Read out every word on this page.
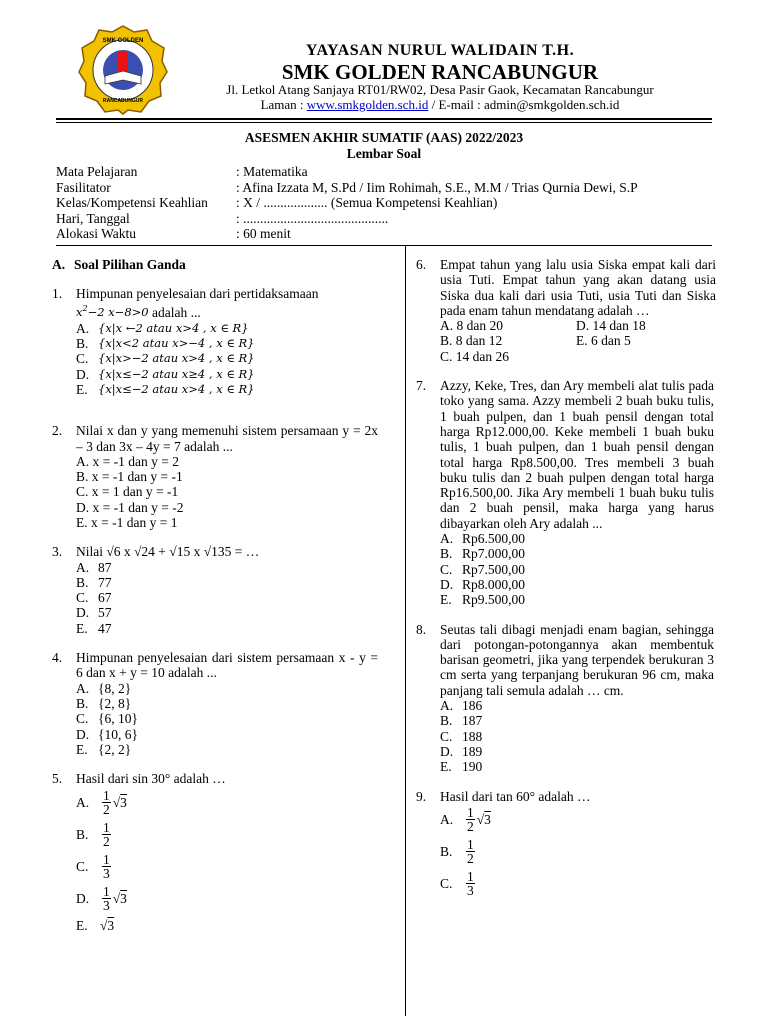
SMK GOLDEN
RANCABUNGUR
YAYASAN NURUL WALIDAIN T.H.
SMK GOLDEN RANCABUNGUR
Jl. Letkol Atang Sanjaya RT01/RW02, Desa Pasir Gaok, Kecamatan Rancabungur
Laman : www.smkgolden.sch.id / E-mail : admin@smkgolden.sch.id
ASESMEN AKHIR SUMATIF (AAS) 2022/2023
Lembar Soal
Mata Pelajaran	: Matematika
Fasilitator	: Afina Izzata M, S.Pd / Iim Rohimah, S.E., M.M / Trias Qurnia Dewi, S.P
Kelas/Kompetensi Keahlian	: X / ................... (Semua Kompetensi Keahlian)
Hari, Tanggal	: ...........................................
Alokasi Waktu	: 60 menit
A. Soal Pilihan Ganda
1.	Himpunan penyelesaian dari pertidaksamaan
$x^2-2$ x−8>0 adalah ...
A. {x|x ←2 atau x>4 , x ∈ R}
B. {x|x<2 atau x>−4 , x ∈ R}
C. {x|x>−2 atau x>4 , x ∈ R}
D. {x|x≤−2 atau x≥4 , x ∈ R}
E. {x|x≤−2 atau x>4 , x ∈ R}
2.	Nilai x dan y yang memenuhi sistem persamaan y = 2x – 3 dan 3x – 4y = 7 adalah ...
A. x = -1 dan y = 2
B. x = -1 dan y = -1
C. x = 1 dan y = -1
D. x = -1 dan y = -2
E. x = -1 dan y = 1
3.	Nilai √6 x √24 + √15 x √135 = …
A. 87
B. 77
C. 67
D. 57
E. 47
4.	Himpunan penyelesaian dari sistem persamaan x - y = 6 dan x + y = 10 adalah ...
A. {8, 2}
B. {2, 8}
C. {6, 10}
D. {10, 6}
E. {2, 2}
5.	Hasil dari sin 30° adalah …
A. $\frac{1}{2} √3$
B.	$\frac{1}{2}$
C.	$\frac{1}{3}$
D. $\frac{1}{3} √3$
E. √3
6.	Empat tahun yang lalu usia Siska empat kali dari usia Tuti. Empat tahun yang akan datang usia Siska dua kali dari usia Tuti, usia Tuti dan Siska pada enam tahun mendatang adalah …
A. 8 dan 20	D. 14 dan 18
B. 8 dan 12	E. 6 dan 5
C. 14 dan 26
7.	Azzy, Keke, Tres, dan Ary membeli alat tulis pada toko yang sama. Azzy membeli 2 buah buku tulis, 1 buah pulpen, dan 1 buah pensil dengan total harga Rp12.000,00. Keke membeli 1 buah buku tulis, 1 buah pulpen, dan 1 buah pensil dengan total harga Rp8.500,00. Tres membeli 3 buah buku tulis dan 2 buah pulpen dengan total harga Rp16.500,00. Jika Ary membeli 1 buah buku tulis dan 2 buah pensil, maka harga yang harus dibayarkan oleh Ary adalah ...
A. Rp6.500,00
B. Rp7.000,00
C. Rp7.500,00
D. Rp8.000,00
E. Rp9.500,00
8.	Seutas tali dibagi menjadi enam bagian, sehingga dari potongan-potongannya akan membentuk barisan geometri, jika yang terpendek berukuran 3 cm serta yang terpanjang berukuran 96 cm, maka panjang tali semula adalah … cm.
A. 186
B. 187
C. 188
D. 189
E. 190
9.	Hasil dari tan 60° adalah …
A. $\frac{1}{2} √3$
B.	$\frac{1}{2}$
C.	$\frac{1}{3}$
